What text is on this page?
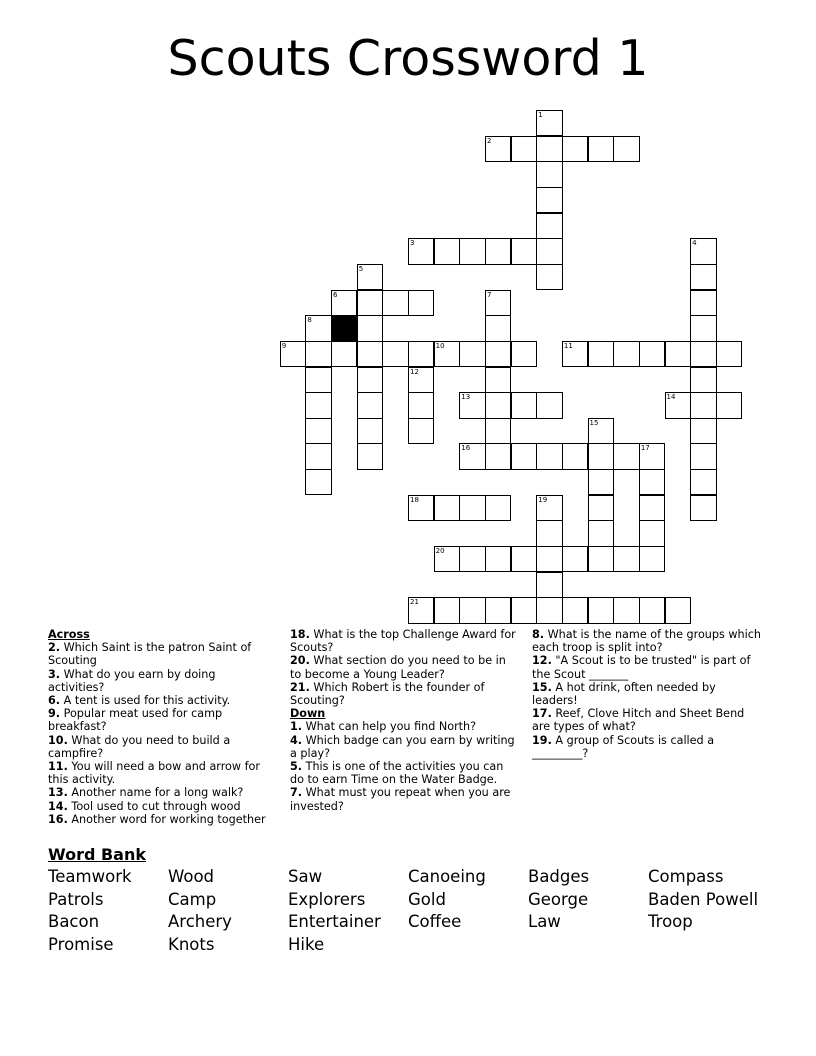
Scouts Crossword 1
1
2
3	4
5
6	7
8
9	10	11
12
13	14
15
16	17
18	19
20
21

Across

2. Which Saint is the patron Saint of Scouting

3. What do you earn by doing activities?

6. A tent is used for this activity.

9. Popular meat used for camp breakfast?

10. What do you need to build a campfire?

11. You will need a bow and arrow for this activity.

13. Another name for a long walk?

14. Tool used to cut through wood

16. Another word for working together

18. What is the top Challenge Award for Scouts?

20. What section do you need to be in to become a Young Leader?

21. Which Robert is the founder of Scouting?

Down

1. What can help you find North?

4. Which badge can you earn by writing a play?

5. This is one of the activities you can do to earn Time on the Water Badge.

7. What must you repeat when you are invested?

8. What is the name of the groups which each troop is split into?

12. "A Scout is to be trusted" is part of the Scout _______

15. A hot drink, often needed by leaders!

17. Reef, Clove Hitch and Sheet Bend are types of what?

19. A group of Scouts is called a _________?

Word Bank

Teamwork	Wood	Saw	Canoeing	Badges	Compass
Patrols	Camp	Explorers	Gold	George	Baden Powell
Bacon	Archery	Entertainer	Coffee	Law	Troop
Promise	Knots	Hike
